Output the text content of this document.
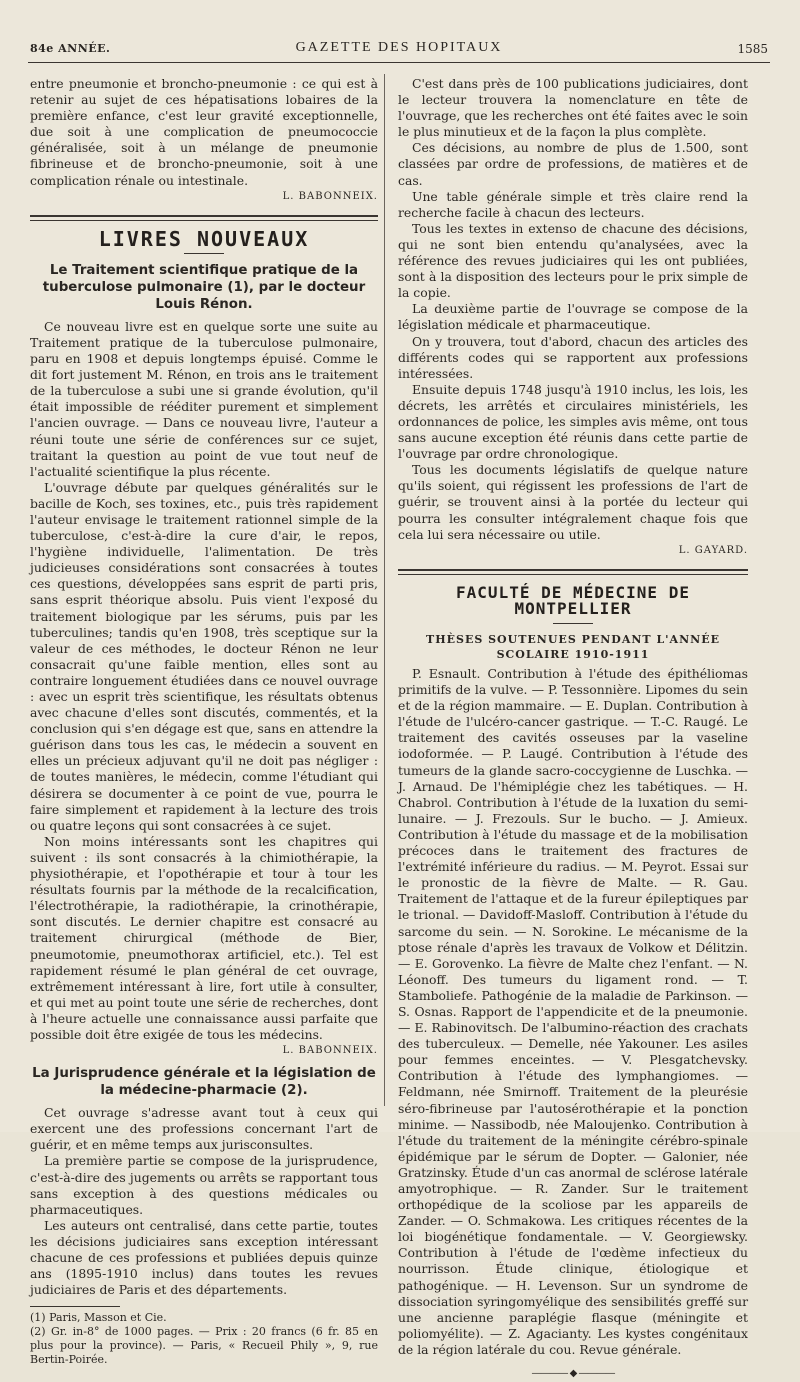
84e ANNÉE.	GAZETTE DES HOPITAUX	1585

entre pneumonie et broncho-pneumonie : ce qui est à retenir au sujet de ces hépatisations lobaires de la première enfance, c'est leur gravité exceptionnelle, due soit à une complication de pneumococcie généralisée, soit à un mélange de pneumonie fibrineuse et de broncho-pneumonie, soit à une complication rénale ou intestinale.

L. BABONNEIX.

LIVRES NOUVEAUX
Le Traitement scientifique pratique de la tuberculose pulmonaire (1), par le docteur Louis Rénon.

Ce nouveau livre est en quelque sorte une suite au Traitement pratique de la tuberculose pulmonaire, paru en 1908 et depuis longtemps épuisé. Comme le dit fort justement M. Rénon, en trois ans le traitement de la tuberculose a subi une si grande évolution, qu'il était impossible de rééditer purement et simplement l'ancien ouvrage. — Dans ce nouveau livre, l'auteur a réuni toute une série de conférences sur ce sujet, traitant la question au point de vue tout neuf de l'actualité scientifique la plus récente.

L'ouvrage débute par quelques généralités sur le bacille de Koch, ses toxines, etc., puis très rapidement l'auteur envisage le traitement rationnel simple de la tuberculose, c'est-à-dire la cure d'air, le repos, l'hygiène individuelle, l'alimentation. De très judicieuses considérations sont consacrées à toutes ces questions, développées sans esprit de parti pris, sans esprit théorique absolu. Puis vient l'exposé du traitement biologique par les sérums, puis par les tuberculines; tandis qu'en 1908, très sceptique sur la valeur de ces méthodes, le docteur Rénon ne leur consacrait qu'une faible mention, elles sont au contraire longuement étudiées dans ce nouvel ouvrage : avec un esprit très scientifique, les résultats obtenus avec chacune d'elles sont discutés, commentés, et la conclusion qui s'en dégage est que, sans en attendre la guérison dans tous les cas, le médecin a souvent en elles un précieux adjuvant qu'il ne doit pas négliger : de toutes manières, le médecin, comme l'étudiant qui désirera se documenter à ce point de vue, pourra le faire simplement et rapidement à la lecture des trois ou quatre leçons qui sont consacrées à ce sujet.

Non moins intéressants sont les chapitres qui suivent : ils sont consacrés à la chimiothérapie, la physiothérapie, et l'opothérapie et tour à tour les résultats fournis par la méthode de la recalcification, l'électrothérapie, la radiothérapie, la crinothérapie, sont discutés. Le dernier chapitre est consacré au traitement chirurgical (méthode de Bier, pneumotomie, pneumothorax artificiel, etc.). Tel est rapidement résumé le plan général de cet ouvrage, extrêmement intéressant à lire, fort utile à consulter, et qui met au point toute une série de recherches, dont à l'heure actuelle une connaissance aussi parfaite que possible doit être exigée de tous les médecins.

L. BABONNEIX.

La Jurisprudence générale et la législation de la médecine-pharmacie (2).

Cet ouvrage s'adresse avant tout à ceux qui exercent une des professions concernant l'art de guérir, et en même temps aux jurisconsultes.

La première partie se compose de la jurisprudence, c'est-à-dire des jugements ou arrêts se rapportant tous sans exception à des questions médicales ou pharmaceutiques.

Les auteurs ont centralisé, dans cette partie, toutes les décisions judiciaires sans exception intéressant chacune de ces professions et publiées depuis quinze ans (1895-1910 inclus) dans toutes les revues judiciaires de Paris et des départements.

(1) Paris, Masson et Cie.

(2) Gr. in-8° de 1000 pages. — Prix : 20 francs (6 fr. 85 en plus pour la province). — Paris, « Recueil Phily », 9, rue Bertin-Poirée.

C'est dans près de 100 publications judiciaires, dont le lecteur trouvera la nomenclature en tête de l'ouvrage, que les recherches ont été faites avec le soin le plus minutieux et de la façon la plus complète.

Ces décisions, au nombre de plus de 1.500, sont classées par ordre de professions, de matières et de cas.

Une table générale simple et très claire rend la recherche facile à chacun des lecteurs.

Tous les textes in extenso de chacune des décisions, qui ne sont bien entendu qu'analysées, avec la référence des revues judiciaires qui les ont publiées, sont à la disposition des lecteurs pour le prix simple de la copie.

La deuxième partie de l'ouvrage se compose de la législation médicale et pharmaceutique.

On y trouvera, tout d'abord, chacun des articles des différents codes qui se rapportent aux professions intéressées.

Ensuite depuis 1748 jusqu'à 1910 inclus, les lois, les décrets, les arrêtés et circulaires ministériels, les ordonnances de police, les simples avis même, ont tous sans aucune exception été réunis dans cette partie de l'ouvrage par ordre chronologique.

Tous les documents législatifs de quelque nature qu'ils soient, qui régissent les professions de l'art de guérir, se trouvent ainsi à la portée du lecteur qui pourra les consulter intégralement chaque fois que cela lui sera nécessaire ou utile.

L. GAYARD.

FACULTÉ DE MÉDECINE DE MONTPELLIER
THÈSES SOUTENUES PENDANT L'ANNÉE SCOLAIRE 1910-1911

P. Esnault. Contribution à l'étude des épithéliomas primitifs de la vulve. — P. Tessonnière. Lipomes du sein et de la région mammaire. — E. Duplan. Contribution à l'étude de l'ulcéro-cancer gastrique. — T.-C. Raugé. Le traitement des cavités osseuses par la vaseline iodoformée. — P. Laugé. Contribution à l'étude des tumeurs de la glande sacro-coccygienne de Luschka. — J. Arnaud. De l'hémiplégie chez les tabétiques. — H. Chabrol. Contribution à l'étude de la luxation du semi-lunaire. — J. Frezouls. Sur le bucho. — J. Amieux. Contribution à l'étude du massage et de la mobilisation précoces dans le traitement des fractures de l'extrémité inférieure du radius. — M. Peyrot. Essai sur le pronostic de la fièvre de Malte. — R. Gau. Traitement de l'attaque et de la fureur épileptiques par le trional. — Davidoff-Masloff. Contribution à l'étude du sarcome du sein. — N. Sorokine. Le mécanisme de la ptose rénale d'après les travaux de Volkow et Délitzin. — E. Gorovenko. La fièvre de Malte chez l'enfant. — N. Léonoff. Des tumeurs du ligament rond. — T. Stamboliefe. Pathogénie de la maladie de Parkinson. — S. Osnas. Rapport de l'appendicite et de la pneumonie. — E. Rabinovitsch. De l'albumino-réaction des crachats des tuberculeux. — Demelle, née Yakouner. Les asiles pour femmes enceintes. — V. Plesgatchevsky. Contribution à l'étude des lymphangiomes. — Feldmann, née Smirnoff. Traitement de la pleurésie séro-fibrineuse par l'autosérothérapie et la ponction minime. — Nassibodb, née Maloujenko. Contribution à l'étude du traitement de la méningite cérébro-spinale épidémique par le sérum de Dopter. — Galonier, née Gratzinsky. Étude d'un cas anormal de sclérose latérale amyotrophique. — R. Zander. Sur le traitement orthopédique de la scoliose par les appareils de Zander. — O. Schmakowa. Les critiques récentes de la loi biogénétique fondamentale. — V. Georgiewsky. Contribution à l'étude de l'œdème infectieux du nourrisson. Étude clinique, étiologique et pathogénique. — H. Levenson. Sur un syndrome de dissociation syringomyélique des sensibilités greffé sur une ancienne paraplégie flasque (méningite et poliomyélite). — Z. Agacianty. Les kystes congénitaux de la région latérale du cou. Revue générale.

———— ◆ ————
